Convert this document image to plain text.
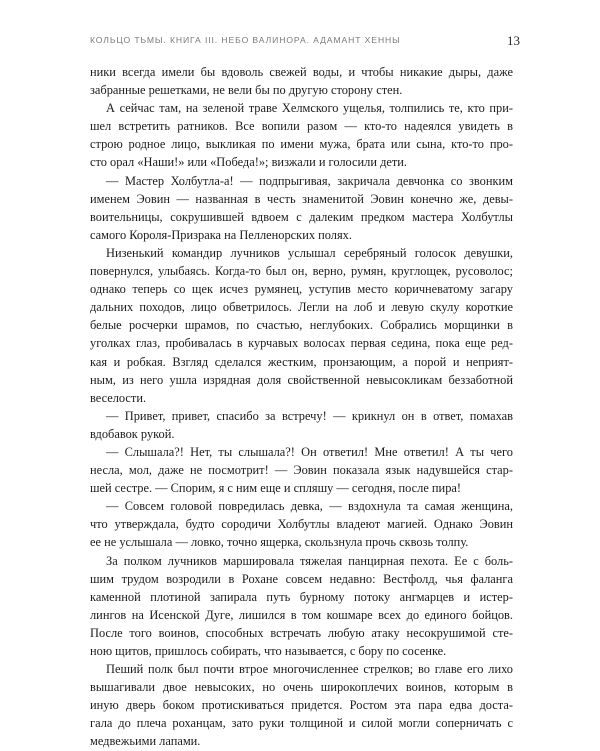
КОЛЬЦО ТЬМЫ. КНИГА III. НЕБО ВАЛИНОРА. АДАМАНТ ХЕННЫ	13
ники всегда имели бы вдоволь свежей воды, и чтобы никакие дыры, даже
забранные решетками, не вели бы по другую сторону стен.
А сейчас там, на зеленой траве Хелмского ущелья, толпились те, кто при-
шел встретить ратников. Все вопили разом — кто-то надеялся увидеть в
строю родное лицо, выкликая по имени мужа, брата или сына, кто-то про-
сто орал «Наши!» или «Победа!»; визжали и голосили дети.
— Мастер Холбутла-а! — подпрыгивая, закричала девчонка со звонким
именем Эовин — названная в честь знаменитой Эовин конечно же, девы-
воительницы, сокрушившей вдвоем с далеким предком мастера Холбутлы
самого Короля-Призрака на Пелленорских полях.
Низенький командир лучников услышал серебряный голосок девушки,
повернулся, улыбаясь. Когда-то был он, верно, румян, круглощек, русоволос;
однако теперь со щек исчез румянец, уступив место коричневатому загару
дальних походов, лицо обветрилось. Легли на лоб и левую скулу короткие
белые росчерки шрамов, по счастью, неглубоких. Собрались морщинки в
уголках глаз, пробивалась в курчавых волосах первая седина, пока еще ред-
кая и робкая. Взгляд сделался жестким, пронзающим, а порой и неприят-
ным, из него ушла изрядная доля свойственной невысокликам беззаботной
веселости.
— Привет, привет, спасибо за встречу! — крикнул он в ответ, помахав
вдобавок рукой.
— Слышала?! Нет, ты слышала?! Он ответил! Мне ответил! А ты чего
несла, мол, даже не посмотрит! — Эовин показала язык надувшейся стар-
шей сестре. — Спорим, я с ним еще и спляшу — сегодня, после пира!
— Совсем головой повредилась девка, — вздохнула та самая женщина,
что утверждала, будто сородичи Холбутлы владеют магией. Однако Эовин
ее не услышала — ловко, точно ящерка, скользнула прочь сквозь толпу.
За полком лучников маршировала тяжелая панцирная пехота. Ее с боль-
шим трудом возродили в Рохане совсем недавно: Вестфолд, чья фаланга
каменной плотиной запирала путь бурному потоку ангмарцев и истер-
лингов на Исенской Дуге, лишился в том кошмаре всех до единого бойцов.
После того воинов, способных встречать любую атаку несокрушимой сте-
ною щитов, пришлось собирать, что называется, с бору по сосенке.
Пеший полк был почти втрое многочисленнее стрелков; во главе его лихо
вышагивали двое невысоких, но очень широкоплечих воинов, которым в
иную дверь боком протискиваться придется. Ростом эта пара едва доста-
гала до плеча роханцам, зато руки толщиной и силой могли соперничать с
медвежьими лапами.
